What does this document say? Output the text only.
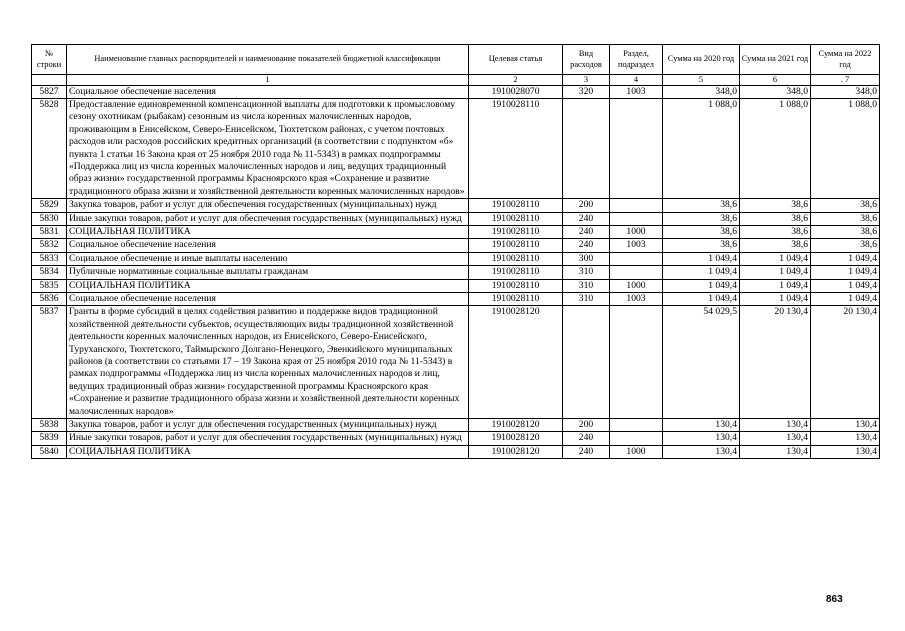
№ строки	Наименование главных распорядителей и наименование показателей бюджетной классификации	Целевая статья	Вид расходов	Раздел, подраздел	Сумма на 2020 год	Сумма на 2021 год	Сумма на 2022 год
	1	2	3	4	5	6	. 7
5827	Социальное обеспечение населения	1910028070	320	1003	348,0	348,0	348,0
5828	Предоставление единовременной компенсационной выплаты для подготовки к промысловому сезону охотникам (рыбакам) сезонным из числа коренных малочисленных народов, проживающим в Енисейском, Северо-Енисейском, Тюхтетском районах, с учетом почтовых расходов или расходов российских кредитных организаций (в соответствии с подпунктом «б» пункта 1 статьи 16 Закона края от 25 ноября 2010 года № 11-5343) в рамках подпрограммы «Поддержка лиц из числа коренных малочисленных народов и лиц, ведущих традиционный образ жизни» государственной программы Красноярского края «Сохранение и развитие традиционного образа жизни и хозяйственной деятельности коренных малочисленных народов»	1910028110			1 088,0	1 088,0	1 088,0
5829	Закупка товаров, работ и услуг для обеспечения государственных (муниципальных) нужд	1910028110	200		38,6	38,6	38,6
5830	Иные закупки товаров, работ и услуг для обеспечения государственных (муниципальных) нужд	1910028110	240		38,6	38,6	38,6
5831	СОЦИАЛЬНАЯ ПОЛИТИКА	1910028110	240	1000	38,6	38,6	38,6
5832	Социальное обеспечение населения	1910028110	240	1003	38,6	38,6	38,6
5833	Социальное обеспечение и иные выплаты населению	1910028110	300		1 049,4	1 049,4	1 049,4
5834	Публичные нормативные социальные выплаты гражданам	1910028110	310		1 049,4	1 049,4	1 049,4
5835	СОЦИАЛЬНАЯ ПОЛИТИКА	1910028110	310	1000	1 049,4	1 049,4	1 049,4
5836	Социальное обеспечение населения	1910028110	310	1003	1 049,4	1 049,4	1 049,4
5837	Гранты в форме субсидий в целях содействия развитию и поддержке видов традиционной хозяйственной деятельности субъектов, осуществляющих виды традиционной хозяйственной деятельности коренных малочисленных народов, из Енисейского, Северо-Енисейского, Туруханского, Тюхтетского, Таймырского Долгано-Ненецкого, Эвенкийского муниципальных районов (в соответствии со статьями 17 – 19 Закона края от 25 ноября 2010 года № 11-5343) в рамках подпрограммы «Поддержка лиц из числа коренных малочисленных народов и лиц, ведущих традиционный образ жизни» государственной программы Красноярского края «Сохранение и развитие традиционного образа жизни и хозяйственной деятельности коренных малочисленных народов»	1910028120			54 029,5	20 130,4	20 130,4
5838	Закупка товаров, работ и услуг для обеспечения государственных (муниципальных) нужд	1910028120	200		130,4	130,4	130,4
5839	Иные закупки товаров, работ и услуг для обеспечения государственных (муниципальных) нужд	1910028120	240		130,4	130,4	130,4
5840	СОЦИАЛЬНАЯ ПОЛИТИКА	1910028120	240	1000	130,4	130,4	130,4
863
